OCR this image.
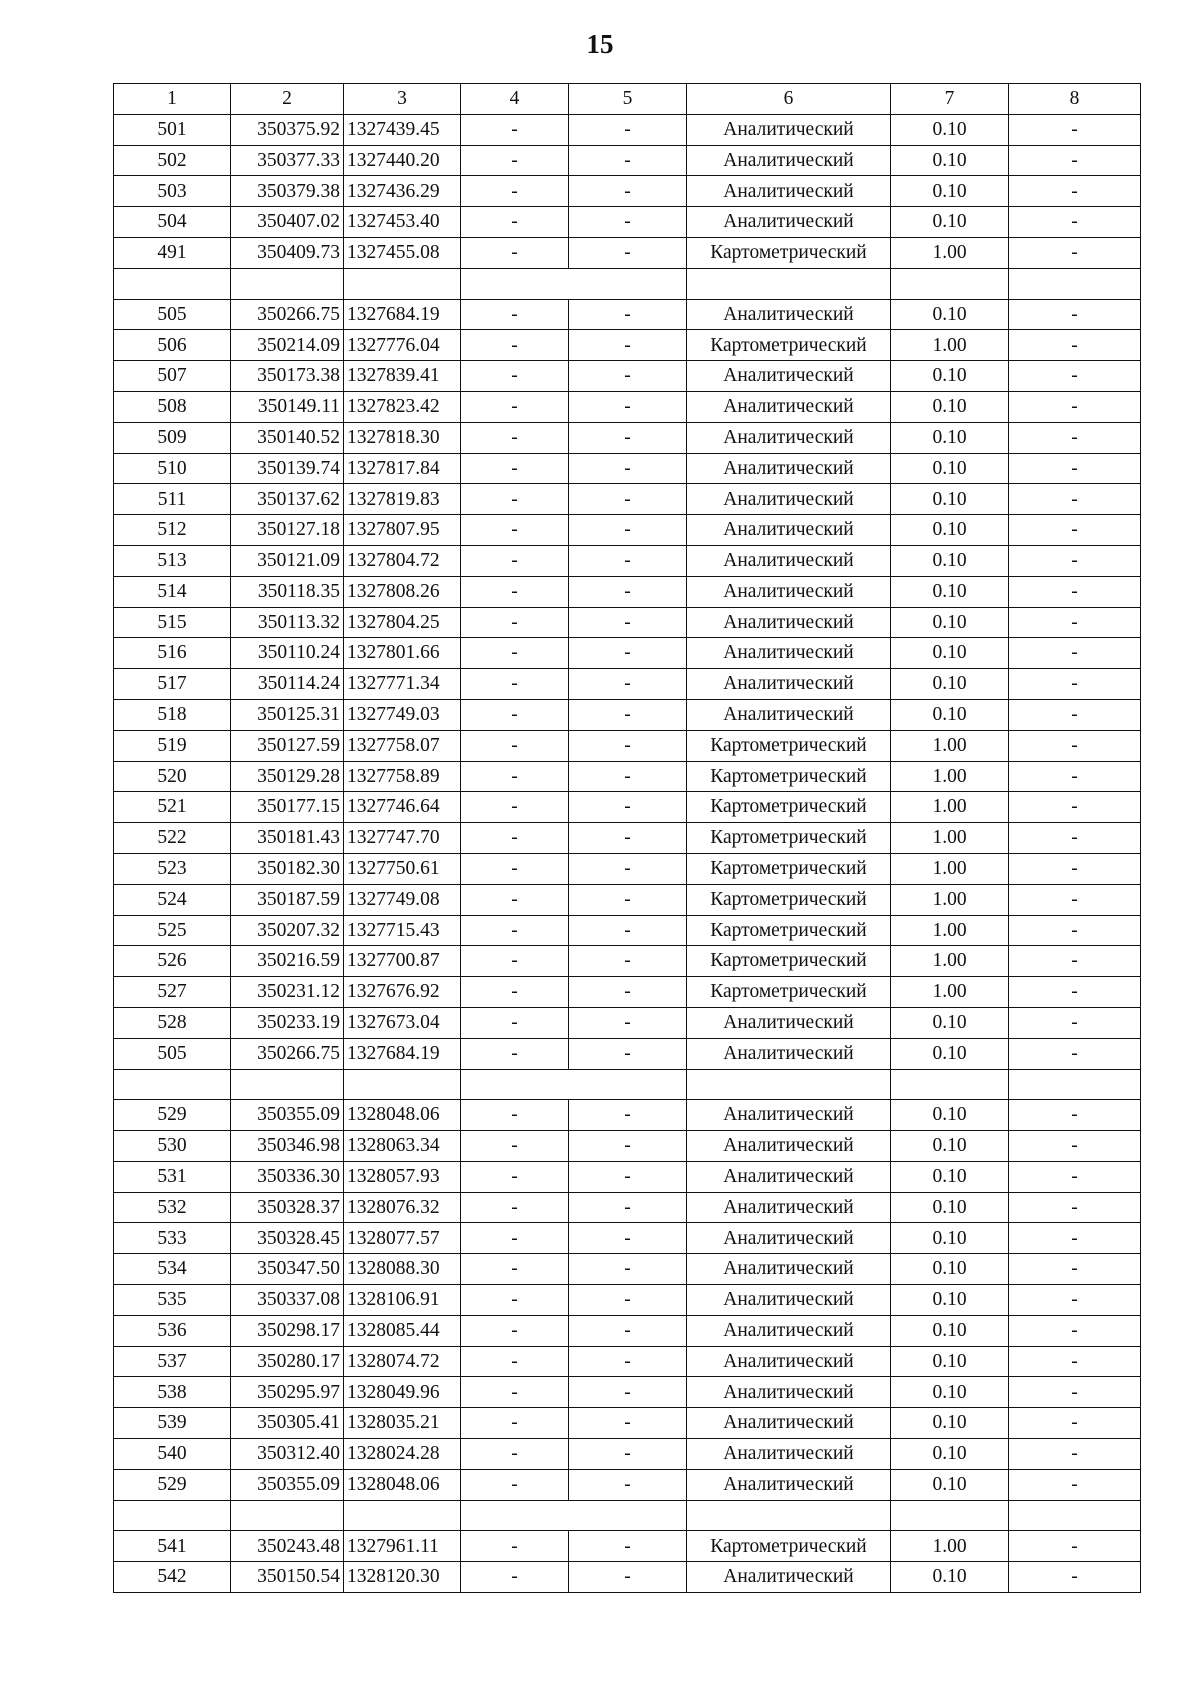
15
1	2	3	4	5	6	7	8
501	350375.92	1327439.45	-	-	Аналитический	0.10	-
502	350377.33	1327440.20	-	-	Аналитический	0.10	-
503	350379.38	1327436.29	-	-	Аналитический	0.10	-
504	350407.02	1327453.40	-	-	Аналитический	0.10	-
491	350409.73	1327455.08	-	-	Картометрический	1.00	-

505	350266.75	1327684.19	-	-	Аналитический	0.10	-
506	350214.09	1327776.04	-	-	Картометрический	1.00	-
507	350173.38	1327839.41	-	-	Аналитический	0.10	-
508	350149.11	1327823.42	-	-	Аналитический	0.10	-
509	350140.52	1327818.30	-	-	Аналитический	0.10	-
510	350139.74	1327817.84	-	-	Аналитический	0.10	-
511	350137.62	1327819.83	-	-	Аналитический	0.10	-
512	350127.18	1327807.95	-	-	Аналитический	0.10	-
513	350121.09	1327804.72	-	-	Аналитический	0.10	-
514	350118.35	1327808.26	-	-	Аналитический	0.10	-
515	350113.32	1327804.25	-	-	Аналитический	0.10	-
516	350110.24	1327801.66	-	-	Аналитический	0.10	-
517	350114.24	1327771.34	-	-	Аналитический	0.10	-
518	350125.31	1327749.03	-	-	Аналитический	0.10	-
519	350127.59	1327758.07	-	-	Картометрический	1.00	-
520	350129.28	1327758.89	-	-	Картометрический	1.00	-
521	350177.15	1327746.64	-	-	Картометрический	1.00	-
522	350181.43	1327747.70	-	-	Картометрический	1.00	-
523	350182.30	1327750.61	-	-	Картометрический	1.00	-
524	350187.59	1327749.08	-	-	Картометрический	1.00	-
525	350207.32	1327715.43	-	-	Картометрический	1.00	-
526	350216.59	1327700.87	-	-	Картометрический	1.00	-
527	350231.12	1327676.92	-	-	Картометрический	1.00	-
528	350233.19	1327673.04	-	-	Аналитический	0.10	-
505	350266.75	1327684.19	-	-	Аналитический	0.10	-

529	350355.09	1328048.06	-	-	Аналитический	0.10	-
530	350346.98	1328063.34	-	-	Аналитический	0.10	-
531	350336.30	1328057.93	-	-	Аналитический	0.10	-
532	350328.37	1328076.32	-	-	Аналитический	0.10	-
533	350328.45	1328077.57	-	-	Аналитический	0.10	-
534	350347.50	1328088.30	-	-	Аналитический	0.10	-
535	350337.08	1328106.91	-	-	Аналитический	0.10	-
536	350298.17	1328085.44	-	-	Аналитический	0.10	-
537	350280.17	1328074.72	-	-	Аналитический	0.10	-
538	350295.97	1328049.96	-	-	Аналитический	0.10	-
539	350305.41	1328035.21	-	-	Аналитический	0.10	-
540	350312.40	1328024.28	-	-	Аналитический	0.10	-
529	350355.09	1328048.06	-	-	Аналитический	0.10	-

541	350243.48	1327961.11	-	-	Картометрический	1.00	-
542	350150.54	1328120.30	-	-	Аналитический	0.10	-
